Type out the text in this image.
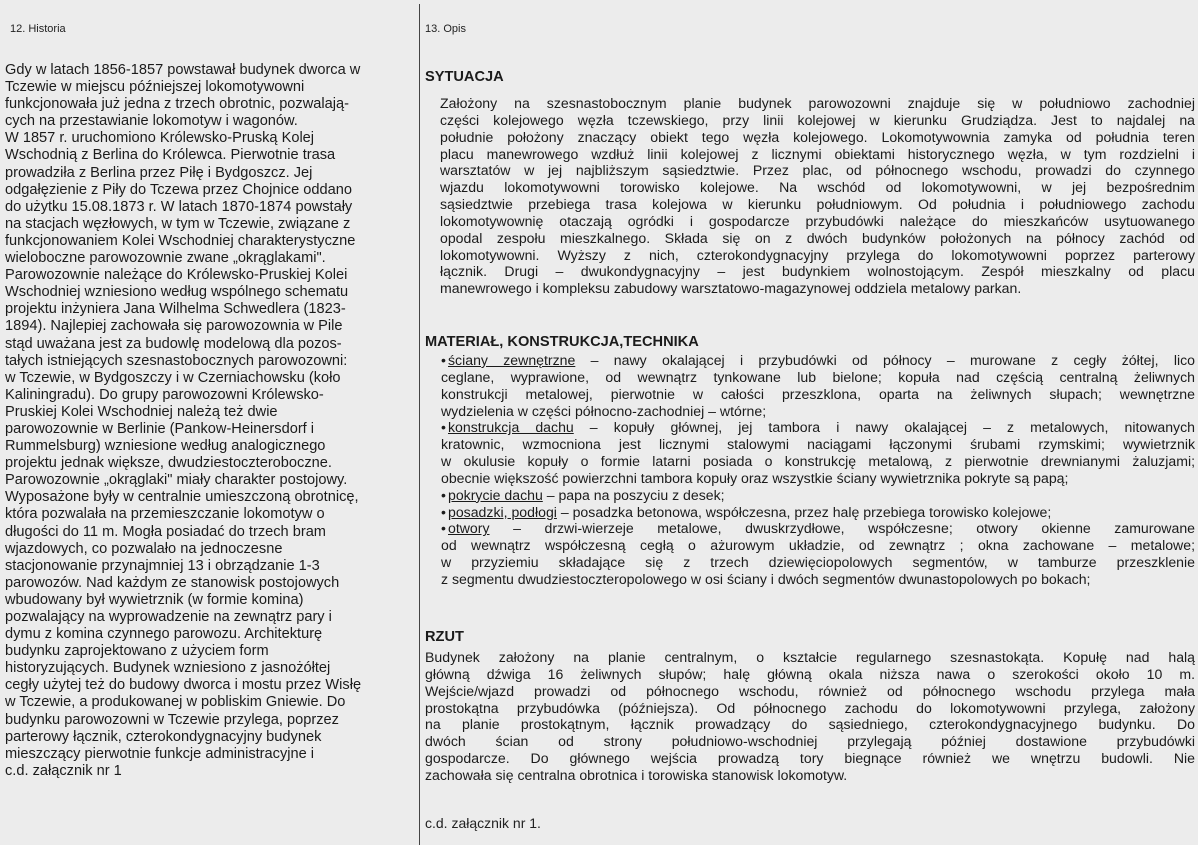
12. Historia	13. Opis
Gdy w latach 1856-1857 powstawał budynek dworca w
Tczewie w miejscu późniejszej lokomotywowni
funkcjonowała już jedna z trzech obrotnic, pozwalają-
cych na przestawianie lokomotyw i wagonów.
W 1857 r. uruchomiono Królewsko-Pruską Kolej
Wschodnią z Berlina do Królewca. Pierwotnie trasa
prowadziła z Berlina przez Piłę i Bydgoszcz. Jej
odgałęzienie z Piły do Tczewa przez Chojnice oddano
do użytku 15.08.1873 r. W latach 1870-1874 powstały
na stacjach węzłowych, w tym w Tczewie, związane z
funkcjonowaniem Kolei Wschodniej charakterystyczne
wieloboczne parowozownie zwane „okrąglakami".
Parowozownie należące do Królewsko-Pruskiej Kolei
Wschodniej wzniesiono według wspólnego schematu
projektu inżyniera Jana Wilhelma Schwedlera (1823-
1894). Najlepiej zachowała się parowozownia w Pile
stąd uważana jest za budowlę modelową dla pozos-
tałych istniejących szesnastobocznych parowozowni:
w Tczewie, w Bydgoszczy i w Czerniachowsku (koło
Kaliningradu). Do grupy parowozowni Królewsko-
Pruskiej Kolei Wschodniej należą też dwie
parowozownie w Berlinie (Pankow-Heinersdorf i
Rummelsburg) wzniesione według analogicznego
projektu jednak większe, dwudziestoczteroboczne.
Parowozownie „okrąglaki" miały charakter postojowy.
Wyposażone były w centralnie umieszczoną obrotnicę,
która pozwalała na przemieszczanie lokomotyw o
długości do 11 m. Mogła posiadać do trzech bram
wjazdowych, co pozwalało na jednoczesne
stacjonowanie przynajmniej 13 i obrządzanie 1-3
parowozów. Nad każdym ze stanowisk postojowych
wbudowany był wywietrznik (w formie komina)
pozwalający na wyprowadzenie na zewnątrz pary i
dymu z komina czynnego parowozu. Architekturę
budynku zaprojektowano z użyciem form
historyzujących. Budynek wzniesiono z jasnożółtej
cegły użytej też do budowy dworca i mostu przez Wisłę
w Tczewie, a produkowanej w pobliskim Gniewie. Do
budynku parowozowni w Tczewie przylega, poprzez
parterowy łącznik, czterokondygnacyjny budynek
mieszczący pierwotnie funkcje administracyjne i
c.d. załącznik nr 1
SYTUACJA
Założony na szesnastobocznym planie budynek parowozowni znajduje się w południowo zachodniej
części kolejowego węzła tczewskiego, przy linii kolejowej w kierunku Grudziądza. Jest to najdalej na
południe położony znaczący obiekt tego węzła kolejowego. Lokomotywownia zamyka od południa teren
placu manewrowego wzdłuż linii kolejowej z licznymi obiektami historycznego węzła, w tym rozdzielni i
warsztatów w jej najbliższym sąsiedztwie. Przez plac, od północnego wschodu, prowadzi do czynnego
wjazdu lokomotywowni torowisko kolejowe. Na wschód od lokomotywowni, w jej bezpośrednim
sąsiedztwie przebiega trasa kolejowa w kierunku południowym. Od południa i południowego zachodu
lokomotywownię otaczają ogródki i gospodarcze przybudówki należące do mieszkańców usytuowanego
opodal zespołu mieszkalnego. Składa się on z dwóch budynków położonych na północy zachód od
lokomotywowni. Wyższy z nich, czterokondygnacyjny przylega do lokomotywowni poprzez parterowy
łącznik. Drugi – dwukondygnacyjny – jest budynkiem wolnostojącym. Zespół mieszkalny od placu
manewrowego i kompleksu zabudowy warsztatowo-magazynowej oddziela metalowy parkan.
MATERIAŁ, KONSTRUKCJA,TECHNIKA
• ściany zewnętrzne – nawy okalającej i przybudówki od północy – murowane z cegły żółtej, lico
ceglane, wyprawione, od wewnątrz tynkowane lub bielone; kopuła nad częścią centralną żeliwnych
konstrukcji metalowej, pierwotnie w całości przeszklona, oparta na żeliwnych słupach; wewnętrzne
wydzielenia w części północno-zachodniej – wtórne;
• konstrukcja dachu – kopuły głównej, jej tambora i nawy okalającej – z metalowych, nitowanych
kratownic, wzmocniona jest licznymi stalowymi naciągami łączonymi śrubami rzymskimi; wywietrznik
w okulusie kopuły o formie latarni posiada o konstrukcję metalową, z pierwotnie drewnianymi żaluzjami;
obecnie większość powierzchni tambora kopuły oraz wszystkie ściany wywietrznika pokryte są papą;
• pokrycie dachu – papa na poszyciu z desek;
• posadzki, podłogi – posadzka betonowa, współczesna, przez halę przebiega torowisko kolejowe;
• otwory – drzwi-wierzeje metalowe, dwuskrzydłowe, współczesne; otwory okienne zamurowane
od wewnątrz współczesną cegłą o ażurowym układzie, od zewnątrz ; okna zachowane – metalowe;
w przyziemiu składające się z trzech dziewięciopolowych segmentów, w tamburze przeszklenie
z segmentu dwudziestoczteropolowego w osi ściany i dwóch segmentów dwunastopolowych po bokach;
RZUT
Budynek założony na planie centralnym, o kształcie regularnego szesnastokąta. Kopułę nad halą
główną dźwiga 16 żeliwnych słupów; halę główną okala niższa nawa o szerokości około 10 m.
Wejście/wjazd prowadzi od północnego wschodu, również od północnego wschodu przylega mała
prostokątna przybudówka (późniejsza). Od północnego zachodu do lokomotywowni przylega, założony
na planie prostokątnym, łącznik prowadzący do sąsiedniego, czterokondygnacyjnego budynku. Do
dwóch ścian od strony południowo-wschodniej przylegają później dostawione przybudówki
gospodarcze. Do głównego wejścia prowadzą tory biegnące również we wnętrzu budowli. Nie
zachowała się centralna obrotnica i torowiska stanowisk lokomotyw.
c.d. załącznik nr 1.
